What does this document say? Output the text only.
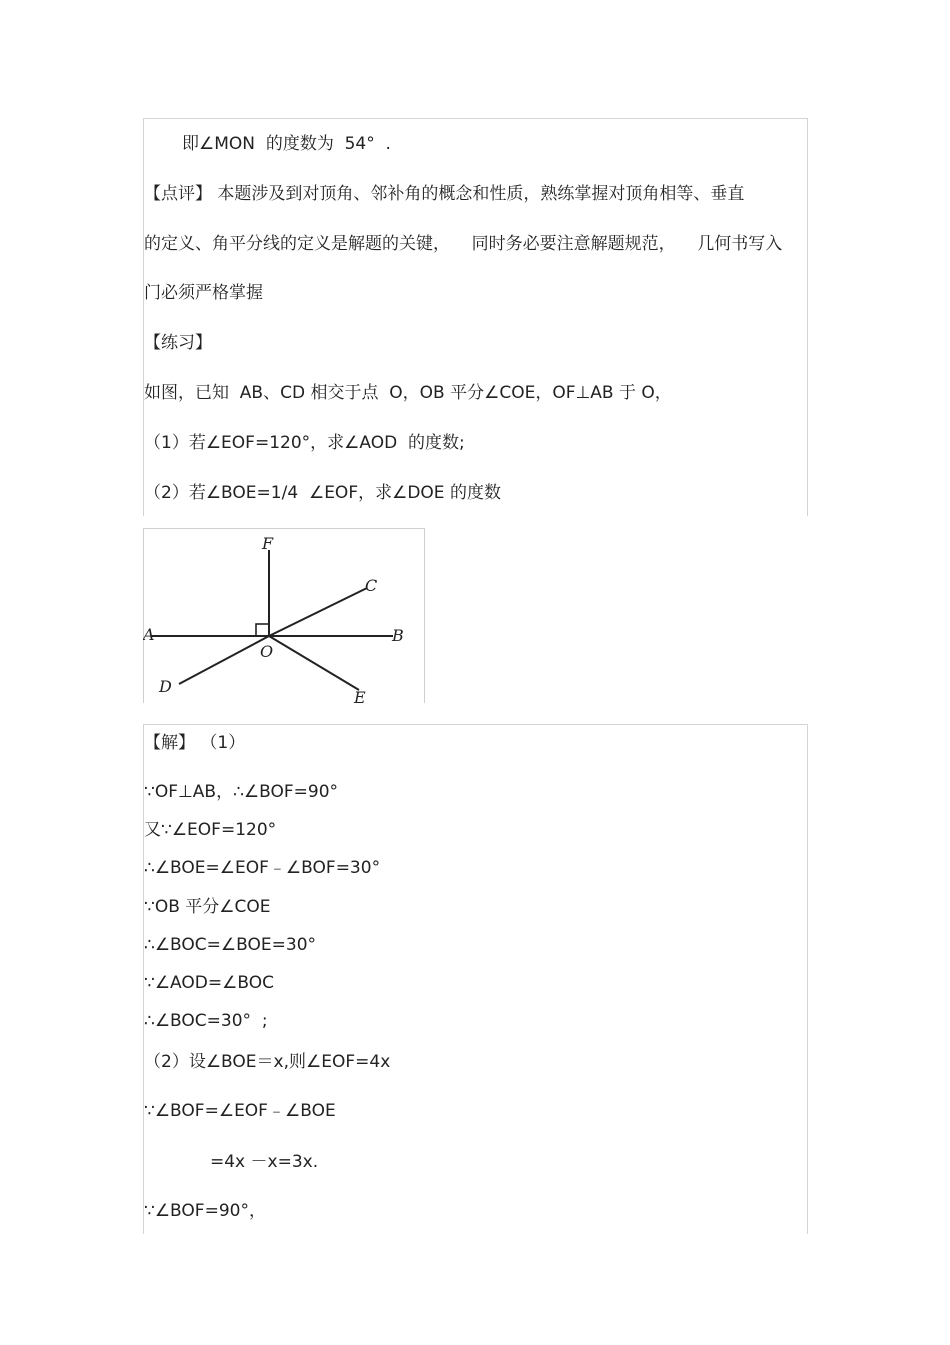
即∠MON  的度数为  54°  .
【点评】 本题涉及到对顶角、邻补角的概念和性质，熟练掌握对顶角相等、垂直
的定义、角平分线的定义是解题的关键，    同时务必要注意解题规范，    几何书写入
门必须严格掌握
【练习】
如图，已知  AB、CD 相交于点  O，OB 平分∠COE，OF⊥AB 于 O，
（1）若∠EOF=120°，求∠AOD  的度数;
（2）若∠BOE=1/4  ∠EOF，求∠DOE 的度数
F
C
A	B
O
D
E
【解】 （1）
∵OF⊥AB，∴∠BOF=90°
又∵∠EOF=120°
∴∠BOE=∠EOF﹣∠BOF=30°
∵OB 平分∠COE
∴∠BOC=∠BOE=30°
∵∠AOD=∠BOC
∴∠BOC=30°  ;
（2）设∠BOE＝x,则∠EOF=4x
∵∠BOF=∠EOF﹣∠BOE
=4x －x=3x.
∵∠BOF=90°，
